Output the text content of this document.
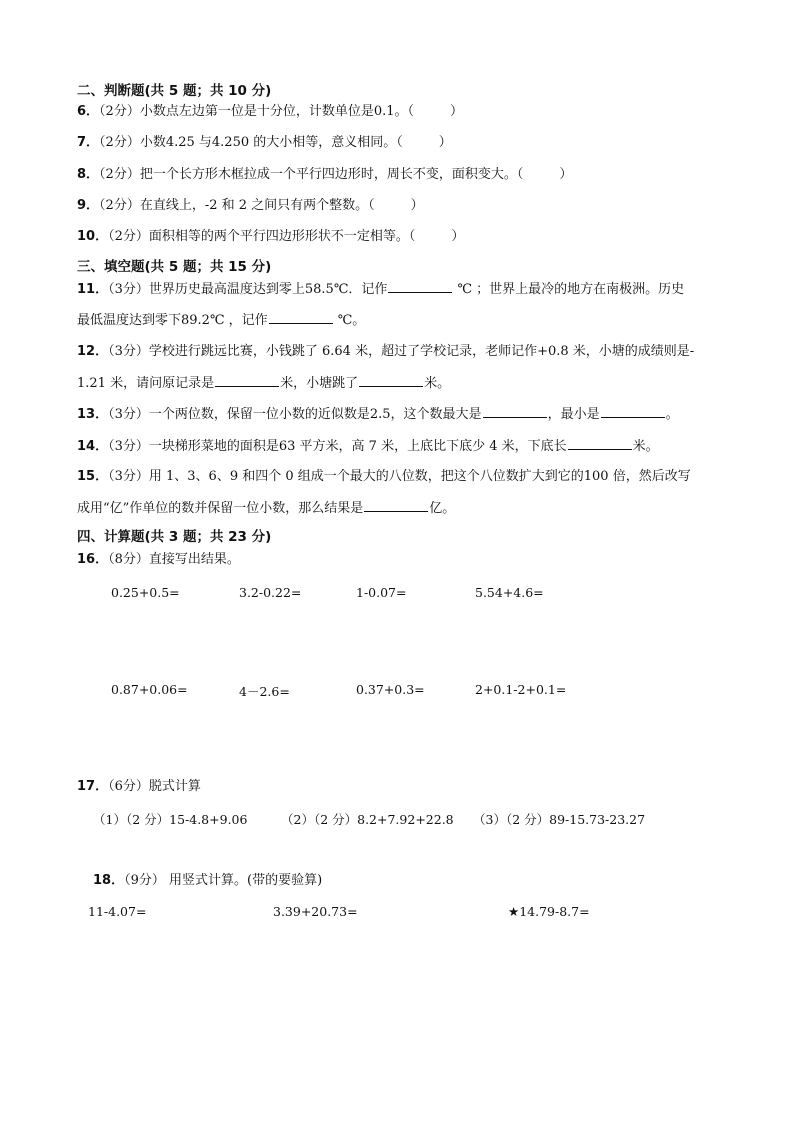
二、判断题(共 5 题；共 10 分)
6．（2分）小数点左边第一位是十分位，计数单位是0.1。（	）
7．（2分）小数4.25 与4.250 的大小相等，意义相同。（	）
8．（2分）把一个长方形木框拉成一个平行四边形时，周长不变，面积变大。（	）
9．（2分）在直线上，-2 和 2 之间只有两个整数。（	）
10．（2分）面积相等的两个平行四边形形状不一定相等。（	）
三、填空题(共 5 题；共 15 分)
11．（3分）世界历史最高温度达到零上58.5℃．记作	℃ ；世界上最冷的地方在南极洲。历史
最低温度达到零下89.2℃ ，记作	℃。
12．（3分）学校进行跳远比赛，小钱跳了 6.64 米，超过了学校记录，老师记作+0.8 米，小塘的成绩则是-
1.21 米，请问原记录是	米，小塘跳了	米。
13．（3分）一个两位数，保留一位小数的近似数是2.5，这个数最大是	，最小是	。
14．（3分）一块梯形菜地的面积是63 平方米，高 7 米，上底比下底少 4 米，下底长	米。
15．（3分）用 1、3、6、9 和四个 0 组成一个最大的八位数，把这个八位数扩大到它的100 倍，然后改写
成用“亿”作单位的数并保留一位小数，那么结果是	亿。
四、计算题(共 3 题；共 23 分)
16．（8分）直接写出结果。
0.25+0.5=	3.2-0.22=	1-0.07=	5.54+4.6=
0.87+0.06=	4－2.6=	0.37+0.3=	2+0.1-2+0.1=
17．（6分）脱式计算
（1）（2 分）15-4.8+9.06	（2）（2 分）8.2+7.92+22.8 （3）（2 分）89-15.73-23.27
18．（9分） 用竖式计算。(带的要验算)
11-4.07=	3.39+20.73=	★14.79-8.7=
